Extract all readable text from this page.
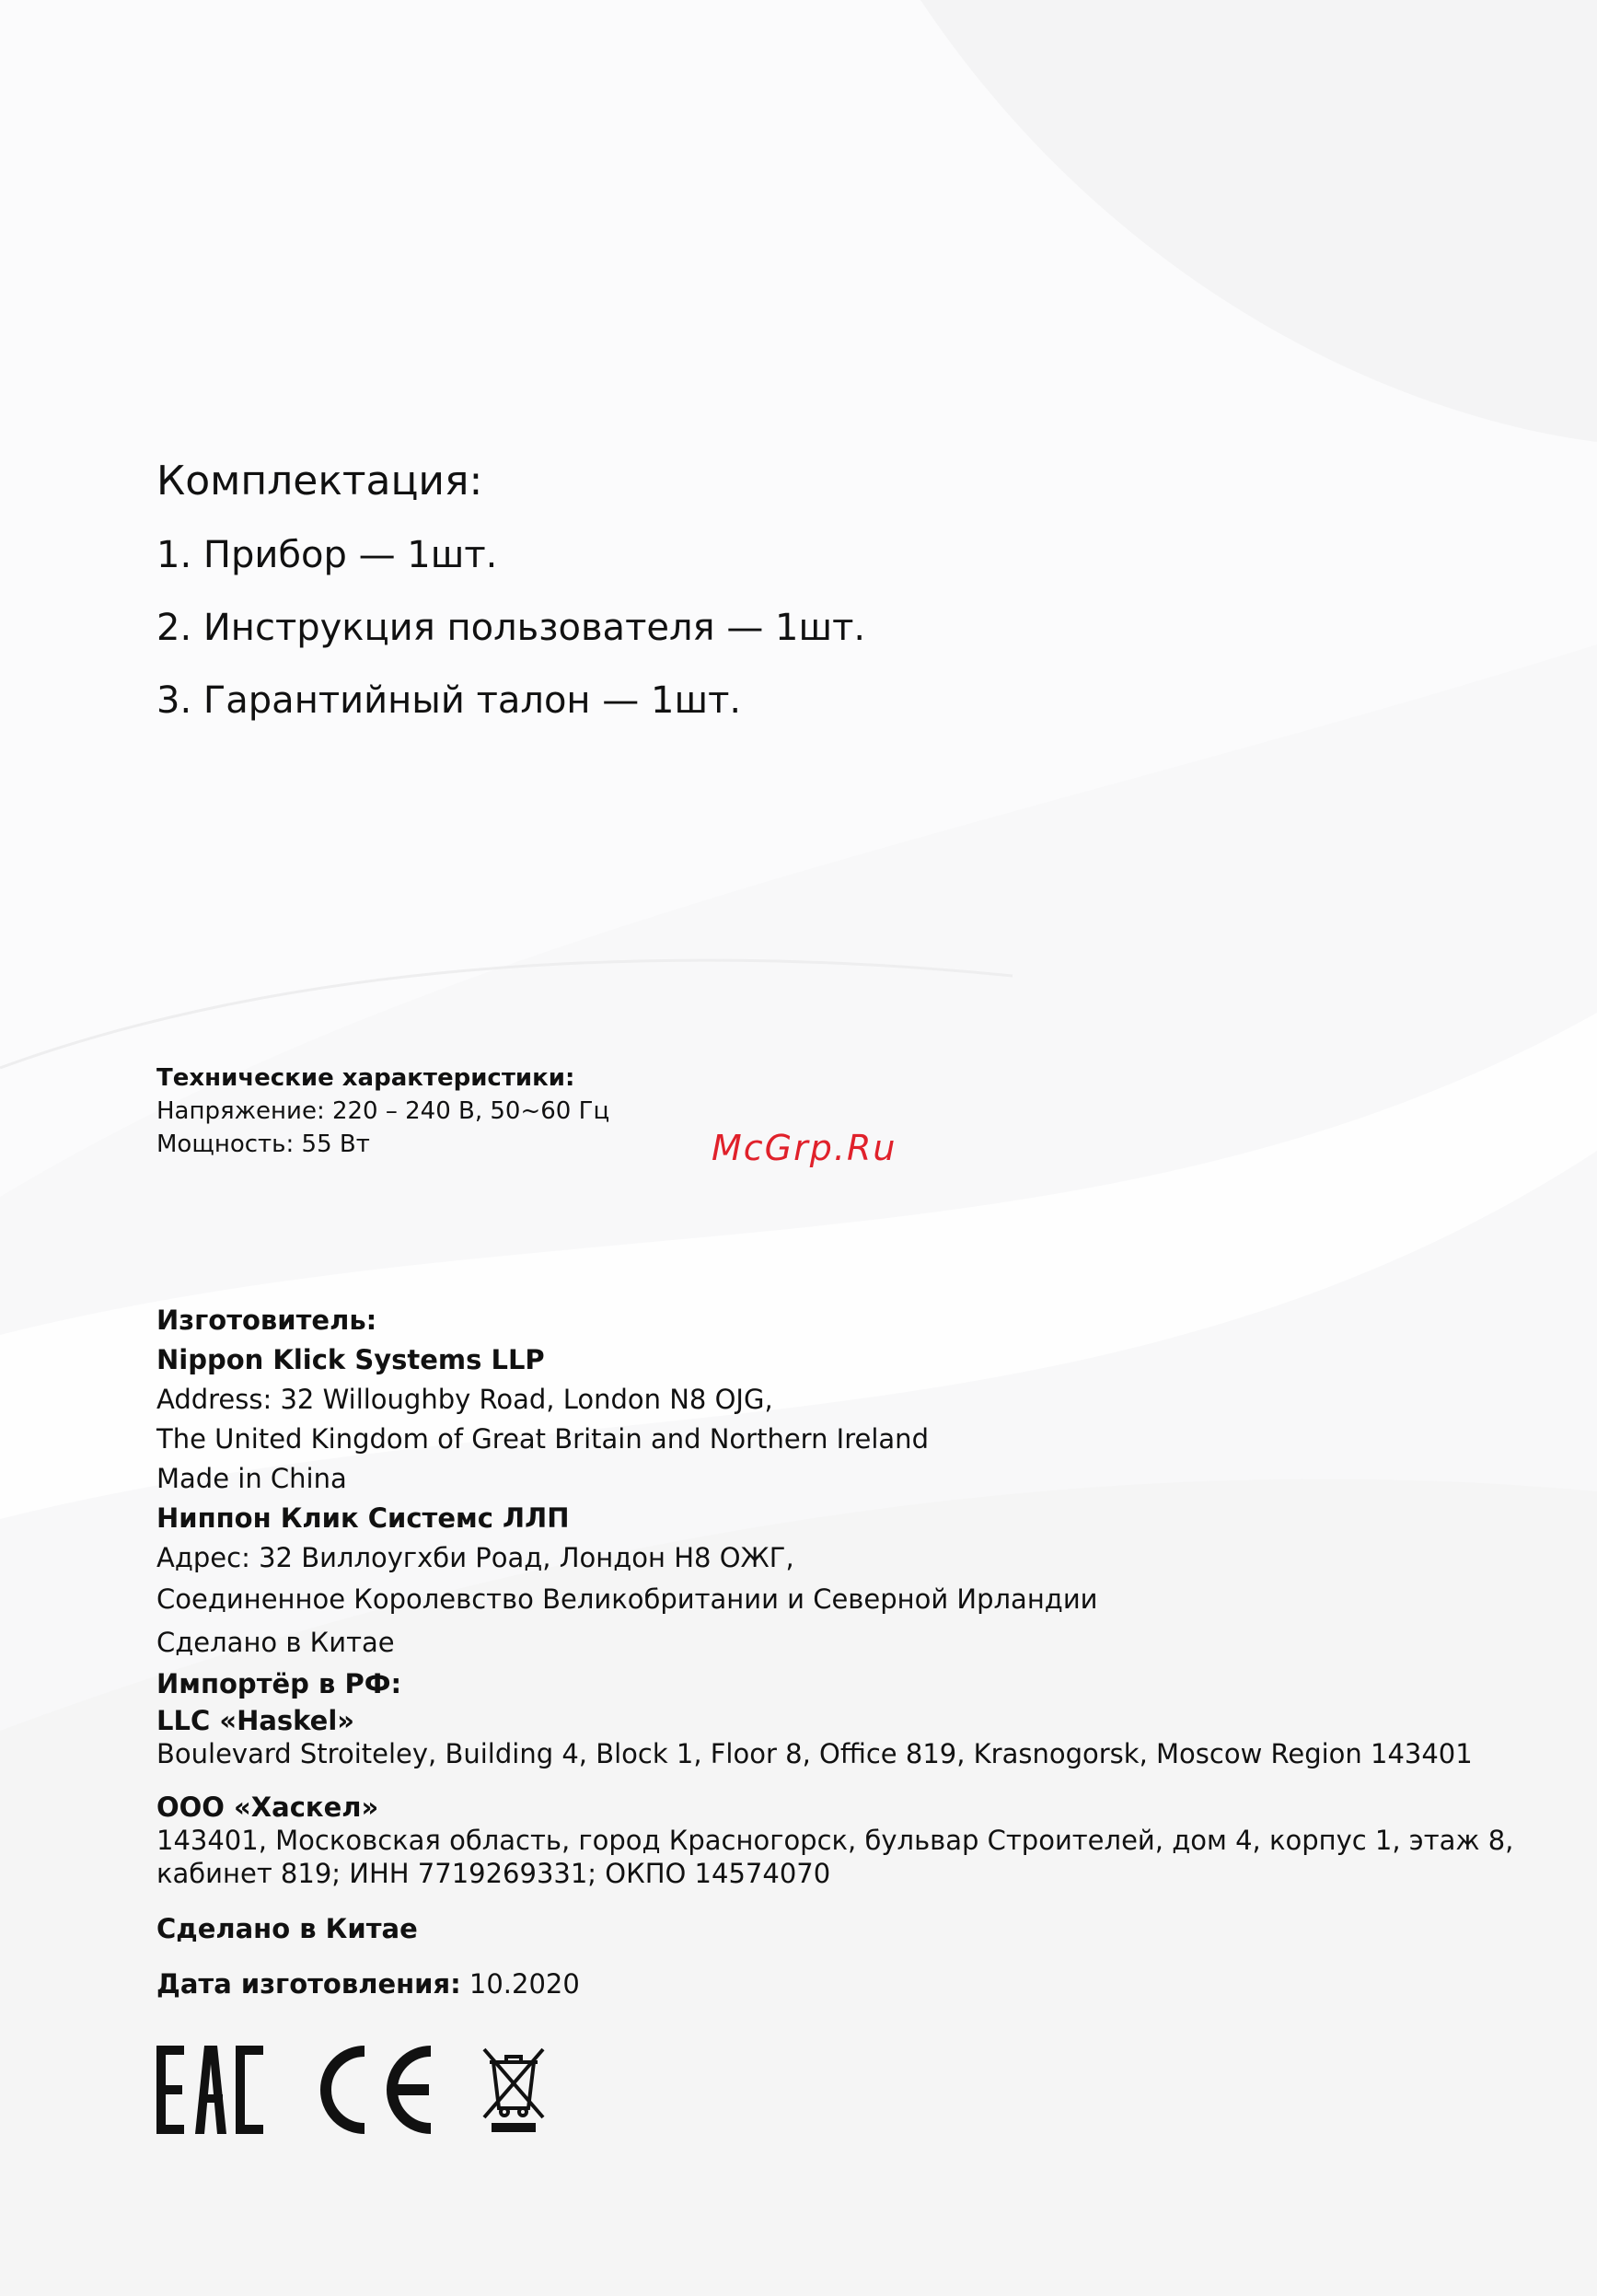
Комплектация:
1. Прибор — 1шт.
2. Инструкция пользователя — 1шт.
3. Гарантийный талон — 1шт.
Технические характеристики:
Напряжение: 220 – 240 В, 50~60 Гц
Мощность: 55 Вт	McGrp.Ru
Изготовитель:
Nippon Klick Systems LLP
Address: 32 Willoughby Road, London N8 OJG,
The United Kingdom of Great Britain and Northern Ireland
Made in China
Ниппон Клик Системс ЛЛП
Адрес: 32 Виллоугхби Роад, Лондон Н8 ОЖГ,
Соединенное Королевство Великобритании и Северной Ирландии
Сделано в Китае
Импортёр в РФ:
LLC «Haskel»
Boulevard Stroiteley, Building 4, Block 1, Floor 8, Office 819, Krasnogorsk, Moscow Region 143401
ООО «Хаскел»
143401, Московская область, город Красногорск, бульвар Строителей, дом 4, корпус 1, этаж 8,
кабинет 819; ИНН 7719269331; ОКПО 14574070
Сделано в Китае
Дата изготовления: 10.2020
